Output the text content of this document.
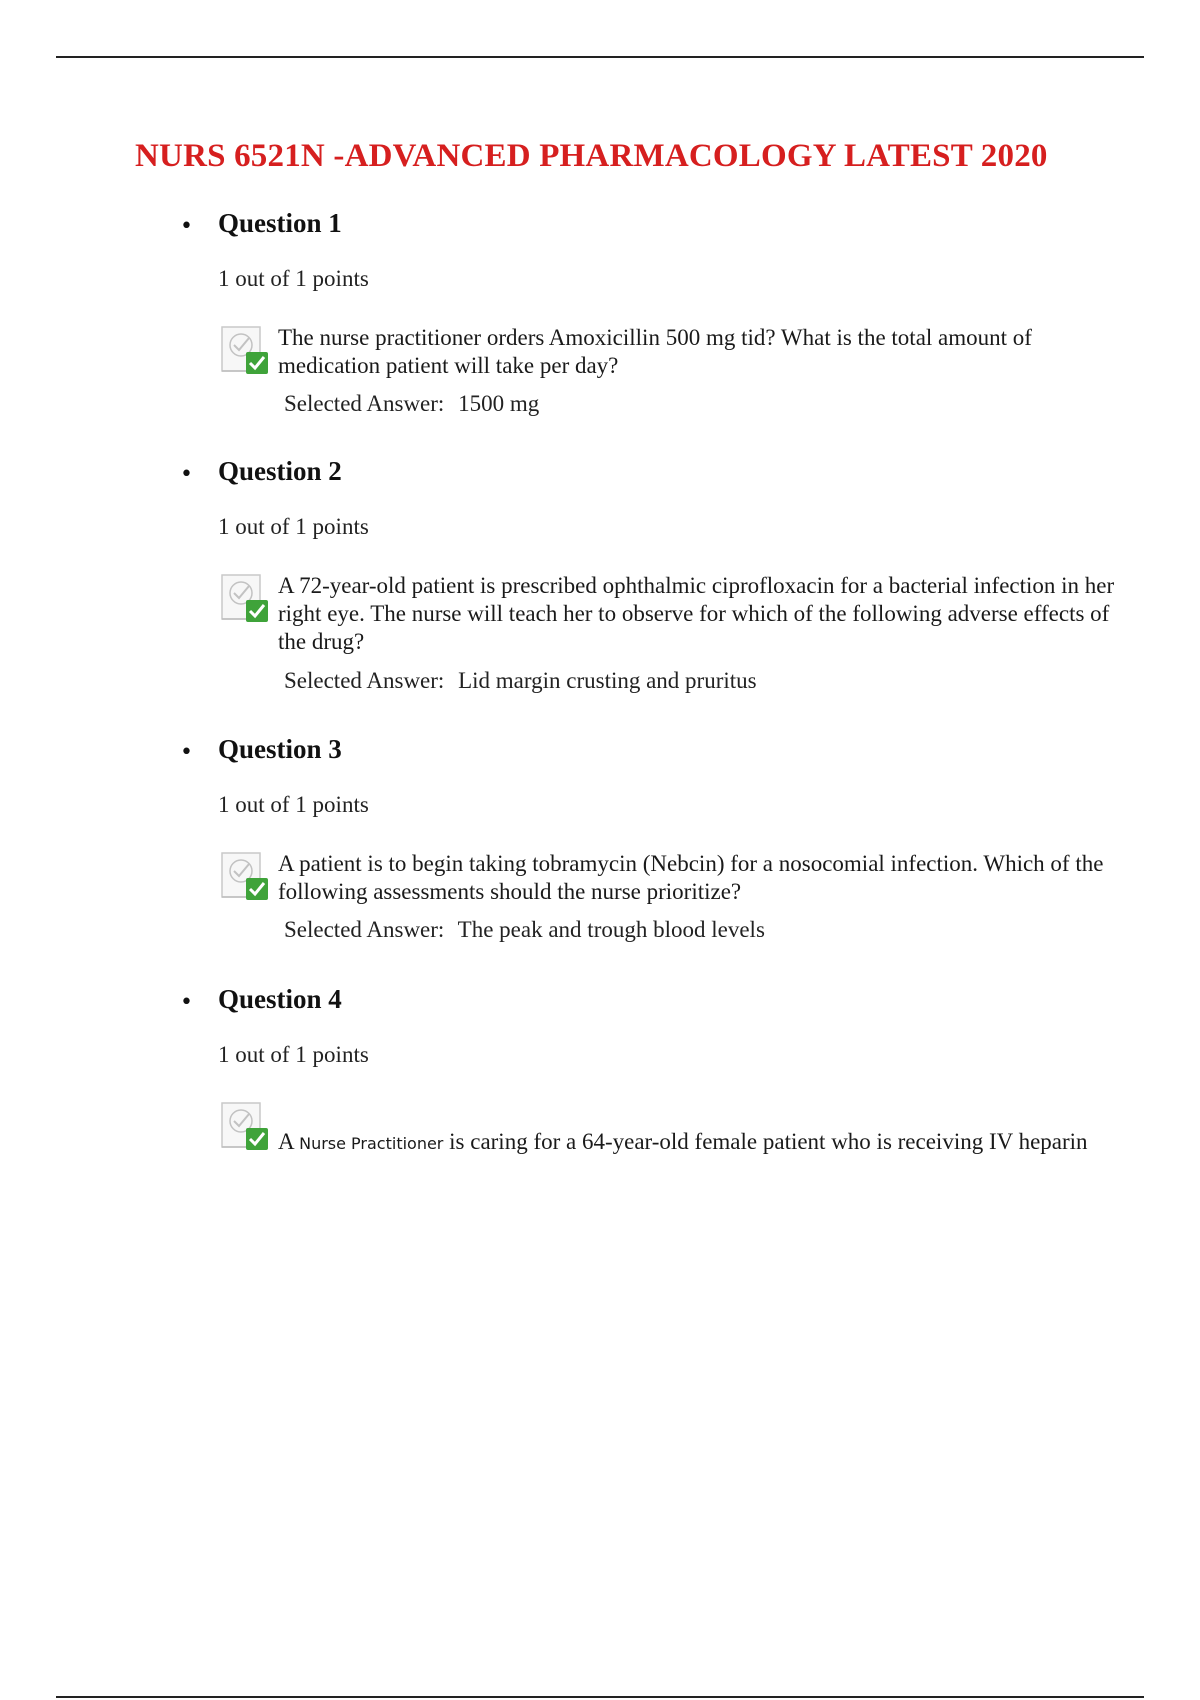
NURS 6521N -ADVANCED PHARMACOLOGY LATEST 2020
• Question 1
1 out of 1 points
The nurse practitioner orders Amoxicillin 500 mg tid? What is the total amount of medication patient will take per day?
Selected Answer: 1500 mg
• Question 2
1 out of 1 points
A 72-year-old patient is prescribed ophthalmic ciprofloxacin for a bacterial infection in her right eye. The nurse will teach her to observe for which of the following adverse effects of the drug?
Selected Answer: Lid margin crusting and pruritus
• Question 3
1 out of 1 points
A patient is to begin taking tobramycin (Nebcin) for a nosocomial infection. Which of the following assessments should the nurse prioritize?
Selected Answer: The peak and trough blood levels
• Question 4
1 out of 1 points
A Nurse Practitioner is caring for a 64-year-old female patient who is receiving IV heparin
